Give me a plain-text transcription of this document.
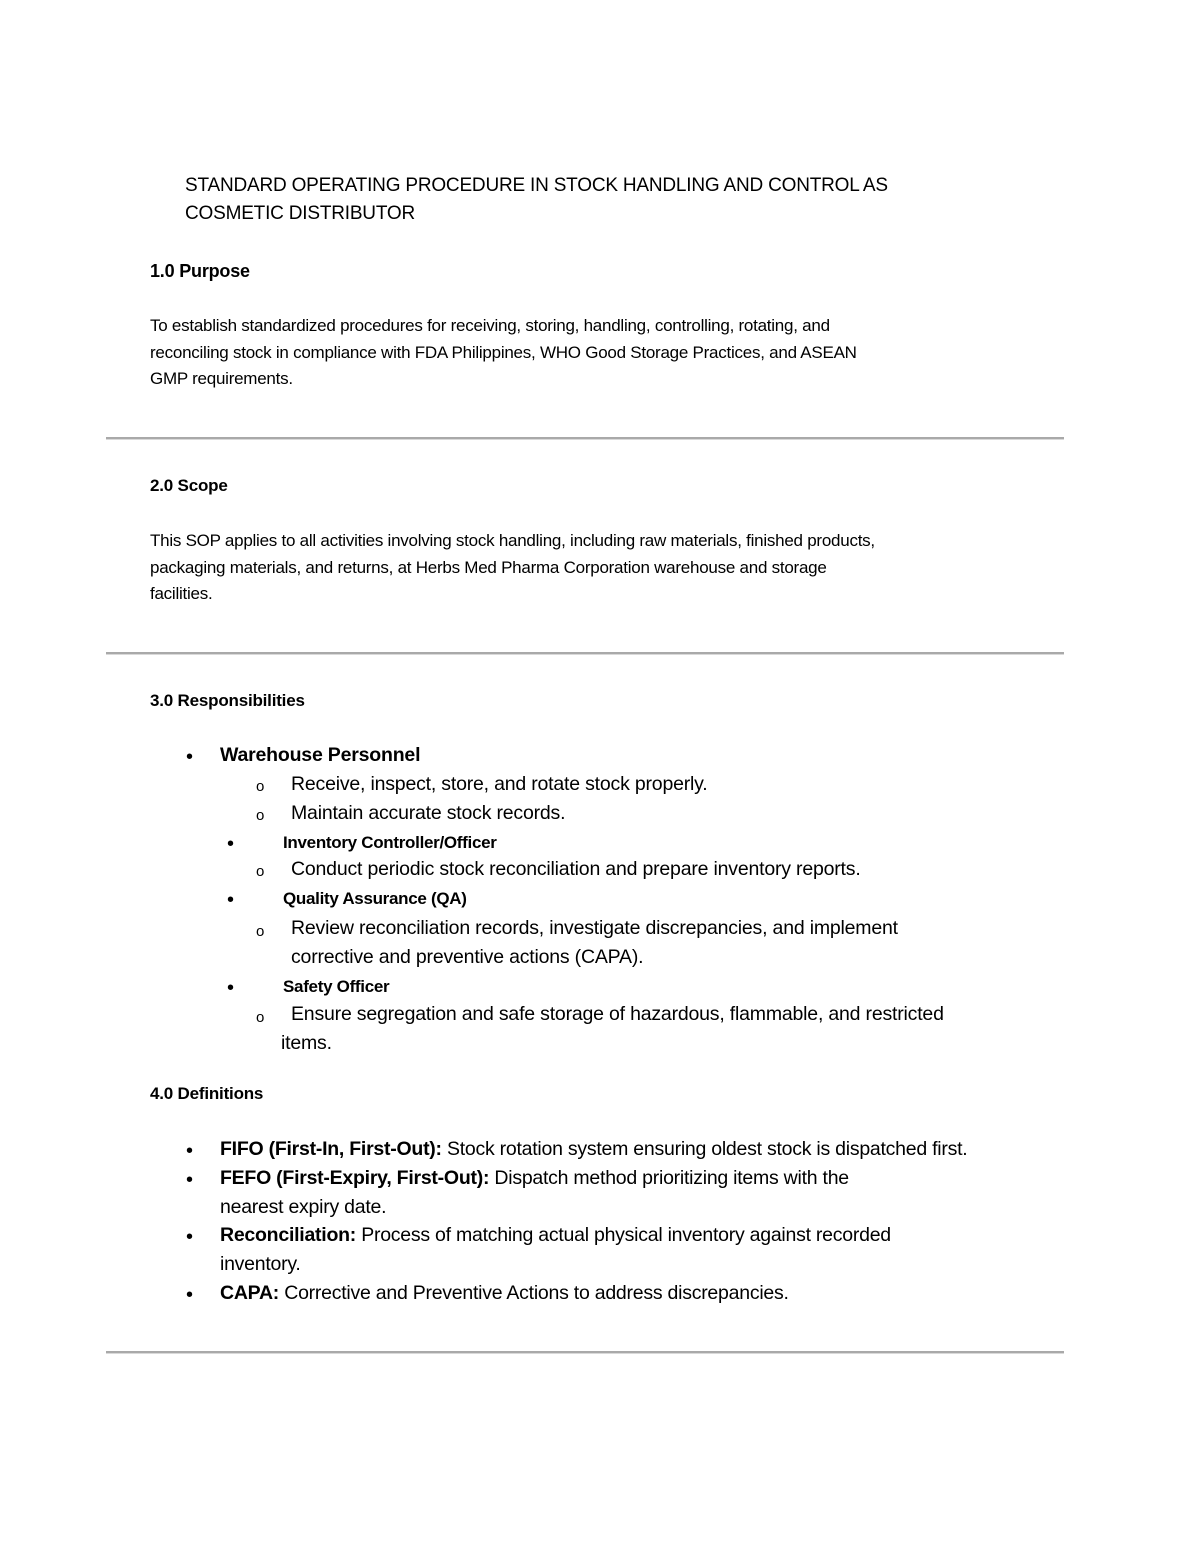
STANDARD OPERATING PROCEDURE IN STOCK HANDLING AND CONTROL AS
COSMETIC DISTRIBUTOR
1.0 Purpose
To establish standardized procedures for receiving, storing, handling, controlling, rotating, and
reconciling stock in compliance with FDA Philippines, WHO Good Storage Practices, and ASEAN
GMP requirements.
2.0 Scope
This SOP applies to all activities involving stock handling, including raw materials, finished products,
packaging materials, and returns, at Herbs Med Pharma Corporation warehouse and storage
facilities.
3.0 Responsibilities
• Warehouse Personnel
o Receive, inspect, store, and rotate stock properly.
o Maintain accurate stock records.
•	Inventory Controller/Officer
o Conduct periodic stock reconciliation and prepare inventory reports.
•	Quality Assurance (QA)
o Review reconciliation records, investigate discrepancies, and implement
corrective and preventive actions (CAPA).
•	Safety Officer
o Ensure segregation and safe storage of hazardous, flammable, and restricted
items.
4.0 Definitions
• FIFO (First-In, First-Out): Stock rotation system ensuring oldest stock is dispatched first.
• FEFO (First-Expiry, First-Out): Dispatch method prioritizing items with the
nearest expiry date.
• Reconciliation: Process of matching actual physical inventory against recorded
inventory.
• CAPA: Corrective and Preventive Actions to address discrepancies.
